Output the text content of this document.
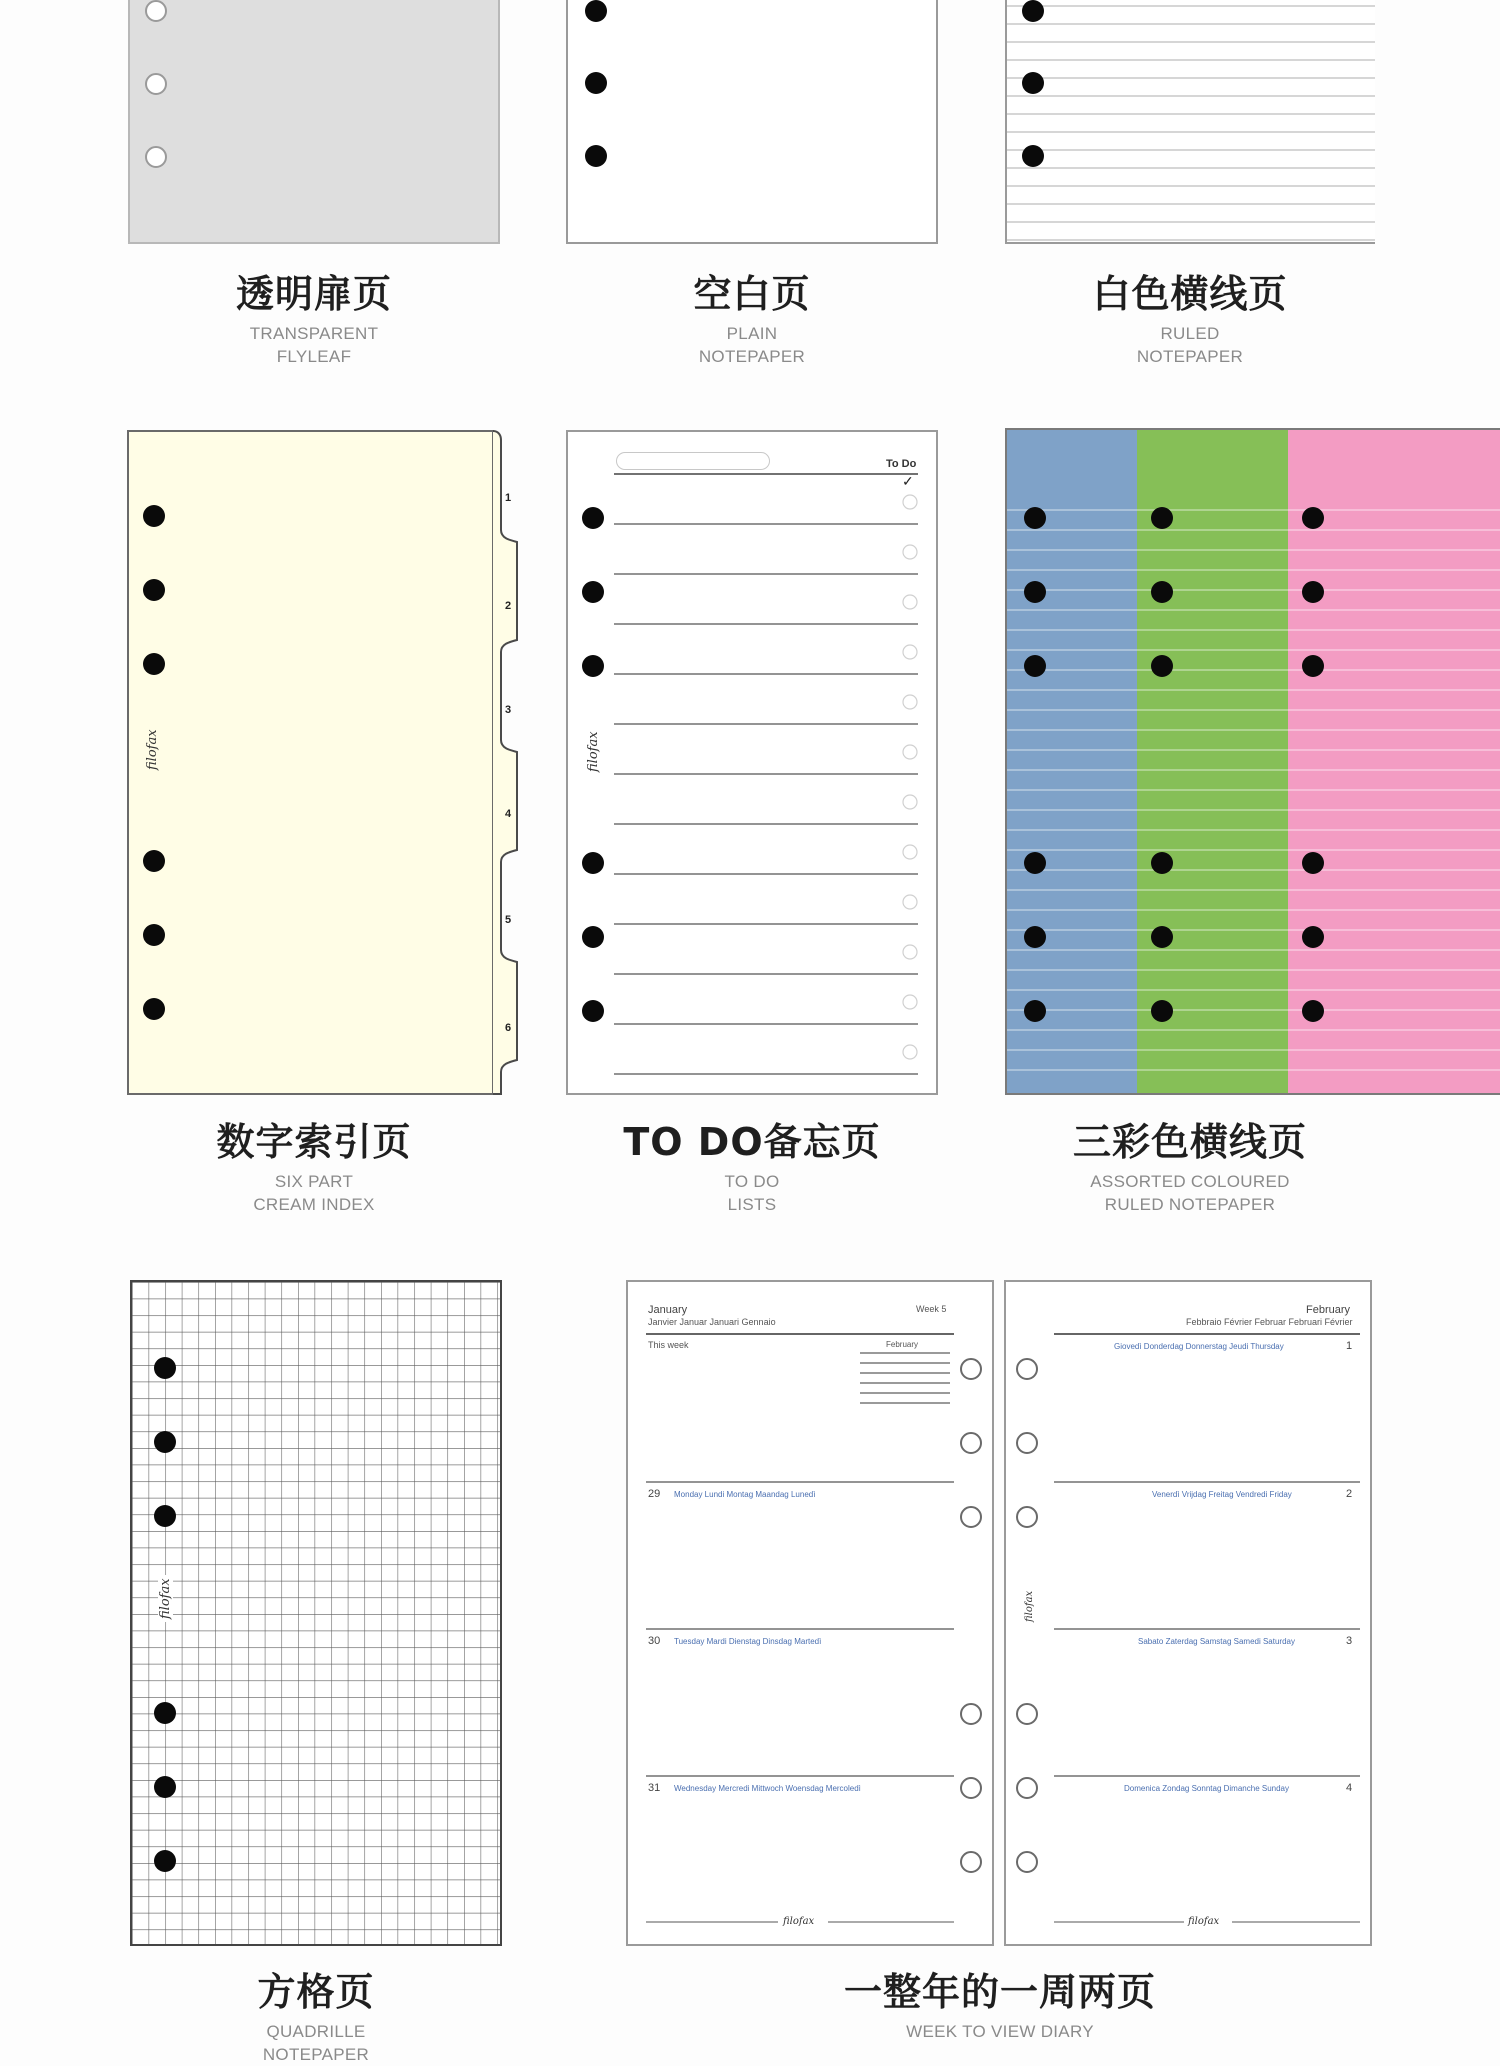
透明扉页
TRANSPARENT
FLYLEAF
空白页
PLAIN
NOTEPAPER
白色横线页
RULED
NOTEPAPER
1
2
3
4
5
6
filofax
To Do
✓
filofax
数字索引页
SIX PART
CREAM INDEX
TO DO备忘页
TO DO
LISTS
三彩色横线页
ASSORTED COLOURED
RULED NOTEPAPER
filofax
January
Janvier Januar Januari Gennaio
Week 5
This week	February
29 Monday Lundi Montag Maandag Lunedì
30 Tuesday Mardi Dienstag Dinsdag Martedì
31 Wednesday Mercredi Mittwoch Woensdag Mercoledì
filofax
February
Febbraio Février Februar Februari Février
Giovedì Donderdag Donnerstag Jeudi Thursday	1
Venerdì Vrijdag Freitag Vendredi Friday	2
Sabato Zaterdag Samstag Samedi Saturday	3
Domenica Zondag Sonntag Dimanche Sunday	4
filofax
filofax
方格页
QUADRILLE
NOTEPAPER
一整年的一周两页
WEEK TO VIEW DIARY
